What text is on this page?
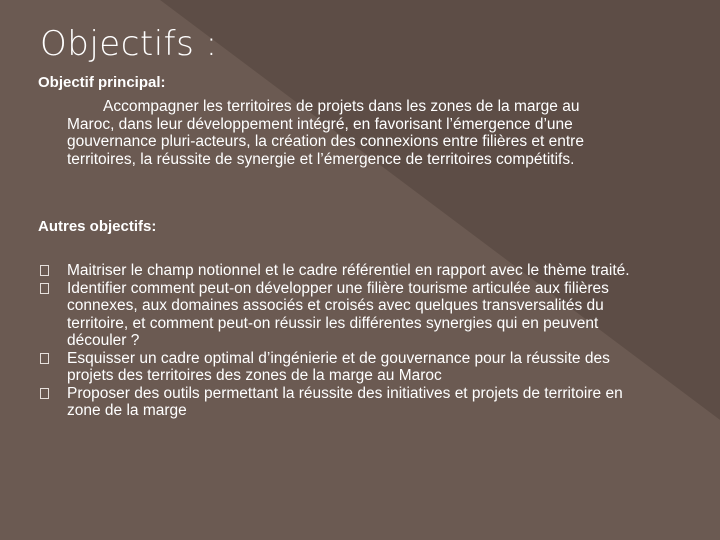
Objectifs :
Objectif principal:
Accompagner les territoires de projets dans les zones de la marge au Maroc, dans leur développement intégré, en favorisant l’émergence d’une gouvernance pluri-acteurs, la création des connexions entre filières et entre territoires, la réussite de synergie et l’émergence de territoires compétitifs.
Autres objectifs:
Maitriser le champ notionnel et le cadre référentiel en rapport avec le thème traité.
Identifier comment peut-on développer une filière tourisme articulée aux filières connexes, aux domaines associés et croisés avec quelques transversalités du territoire, et comment peut-on réussir les différentes synergies qui en peuvent découler ?
Esquisser un cadre optimal d’ingénierie et de gouvernance pour la réussite des projets des territoires des zones de la marge au Maroc
Proposer des outils permettant la réussite des initiatives et projets de territoire en zone de la marge
